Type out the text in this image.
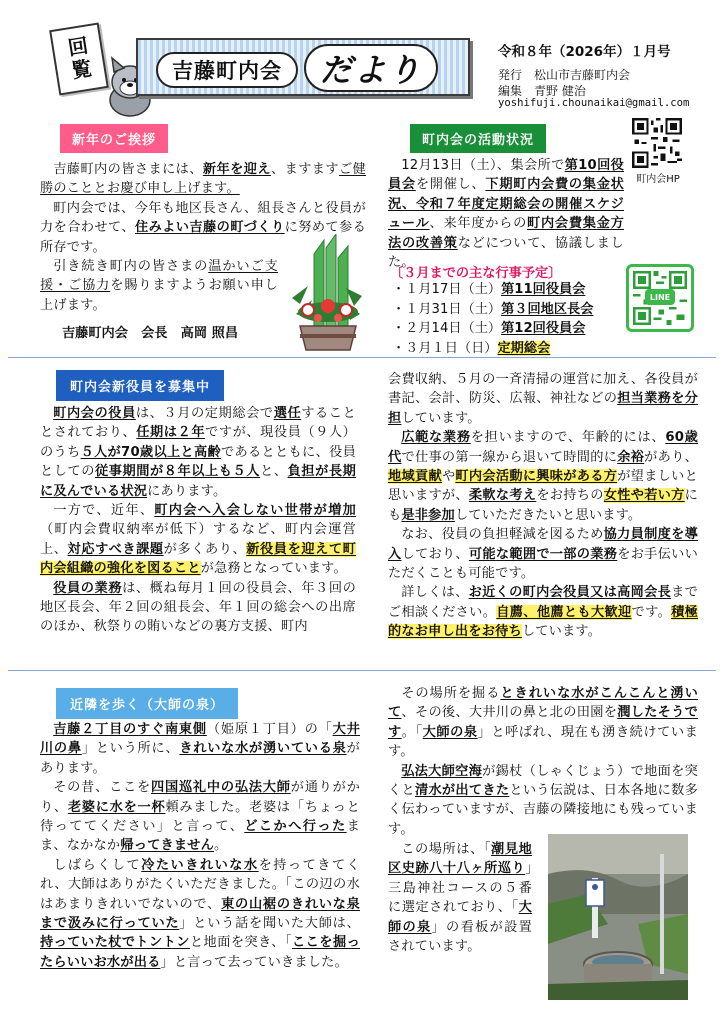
回覧	吉藤町内会 だより	令和８年（2026年）１月号
発行　松山市吉藤町内会
編集　青野 健治
yoshifuji.chounaikai@gmail.com
町内会HP
新年のご挨拶

吉藤町内の皆さまには、新年を迎え、ますますご健勝のこととお慶び申し上げます。

町内会では、今年も地区長さん、組長さんと役員が力を合わせて、住みよい吉藤の町づくりに努めて参る所存です。

引き続き町内の皆さまの温かいご支援・ご協力を賜りますようお願い申し上げます。

吉藤町内会　会長　高岡 照昌
町内会の活動状況

12月13日（土）、集会所で第10回役員会を開催し、下期町内会費の集金状況、令和７年度定期総会の開催スケジュール、来年度からの町内会費集金方法の改善策などについて、協議しました。

〔３月までの主な行事予定〕
・１月17日（土）第11回役員会
・１月31日（土）第３回地区長会
・２月14日（土）第12回役員会
・３月１日（日）定期総会
LINE
町内会新役員を募集中

町内会の役員は、３月の定期総会で選任することとされており、任期は２年ですが、現役員（９人）のうち５人が70歳以上と高齢であるとともに、役員としての従事期間が８年以上も５人と、負担が長期に及んでいる状況にあります。

一方で、近年、町内会へ入会しない世帯が増加（町内会費収納率が低下）するなど、町内会運営上、対応すべき課題が多くあり、新役員を迎えて町内会組織の強化を図ることが急務となっています。

役員の業務は、概ね毎月１回の役員会、年３回の地区長会、年２回の組長会、年１回の総会への出席のほか、秋祭りの賄いなどの裏方支援、町内

会費収納、５月の一斉清掃の運営に加え、各役員が書記、会計、防災、広報、神社などの担当業務を分担しています。

広範な業務を担いますので、年齢的には、60歳代で仕事の第一線から退いて時間的に余裕があり、地域貢献や町内会活動に興味がある方が望ましいと思いますが、柔軟な考えをお持ちの女性や若い方にも是非参加していただきたいと思います。

なお、役員の負担軽減を図るため協力員制度を導入しており、可能な範囲で一部の業務をお手伝いいただくことも可能です。

詳しくは、お近くの町内会役員又は高岡会長までご相談ください。自薦、他薦とも大歓迎です。積極的なお申し出をお待ちしています。

近隣を歩く（大師の泉）

吉藤２丁目のすぐ南東側（姫原１丁目）の「大井川の鼻」という所に、きれいな水が湧いている泉があります。

その昔、ここを四国巡礼中の弘法大師が通りがかり、老婆に水を一杯頼みました。老婆は「ちょっと待っててください」と言って、どこかへ行ったまま、なかなか帰ってきません。

しばらくして冷たいきれいな水を持ってきてくれ、大師はありがたくいただきました。「この辺の水はあまりきれいでないので、東の山裾のきれいな泉まで汲みに行っていた」という話を聞いた大師は、持っていた杖でトントンと地面を突き、「ここを掘ったらいいお水が出る」と言って去っていきました。

その場所を掘るときれいな水がこんこんと湧いて、その後、大井川の鼻と北の田園を潤したそうです。「大師の泉」と呼ばれ、現在も湧き続けています。

弘法大師空海が錫杖（しゃくじょう）で地面を突くと清水が出てきたという伝説は、日本各地に数多く伝わっていますが、吉藤の隣接地にも残っています。

この場所は、「潮見地区史跡八十八ヶ所巡り」三島神社コースの５番に選定されており、「大師の泉」の看板が設置されています。
